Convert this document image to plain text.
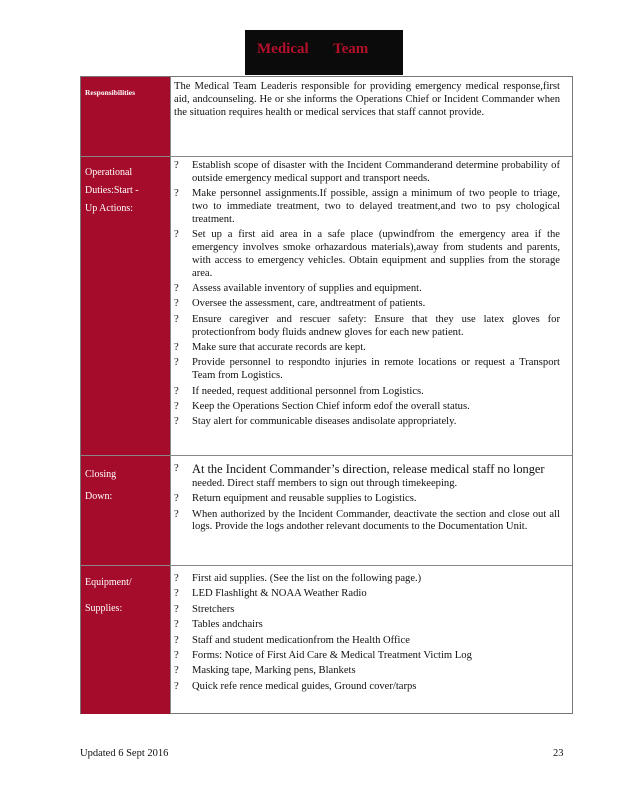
Medical Team
Responsibilities
Operational
Duties:Start -
Up Actions:
Closing
Down:
Equipment/
Supplies:
The Medical Team Leaderis responsible for providing emergency medical response,first aid, andcounseling. He or she informs the Operations Chief or Incident Commander when the situation requires health or medical services that staff cannot provide.
? Establish scope of disaster with the Incident Commanderand determine probability of outside emergency medical support and transport needs.
? Make personnel assignments.If possible, assign a minimum of two people to triage, two to immediate treatment, two to delayed treatment,and two to psy chological treatment.
? Set up a first aid area in a safe place (upwindfrom the emergency area if the emergency involves smoke orhazardous materials),away from students and parents, with access to emergency vehicles. Obtain equipment and supplies from the storage area.
? Assess available inventory of supplies and equipment.
? Oversee the assessment, care, andtreatment of patients.
? Ensure caregiver and rescuer safety: Ensure that they use latex gloves for protectionfrom body fluids andnew gloves for each new patient.
? Make sure that accurate records are kept.
? Provide personnel to respondto injuries in remote locations or request a Transport Team from Logistics.
? If needed, request additional personnel from Logistics.
? Keep the Operations Section Chief inform edof the overall status.
? Stay alert for communicable diseases andisolate appropriately.
? At the Incident Commander’s direction, release medical staff no longer
needed. Direct staff members to sign out through timekeeping.
? Return equipment and reusable supplies to Logistics.
? When authorized by the Incident Commander, deactivate the section and close out all logs. Provide the logs andother relevant documents to the Documentation Unit.
? First aid supplies. (See the list on the following page.)
? LED Flashlight & NOAA Weather Radio
? Stretchers
? Tables andchairs
? Staff and student medicationfrom the Health Office
? Forms: Notice of First Aid Care & Medical Treatment Victim Log
? Masking tape, Marking pens, Blankets
? Quick refe rence medical guides, Ground cover/tarps
Updated 6 Sept 2016	23
